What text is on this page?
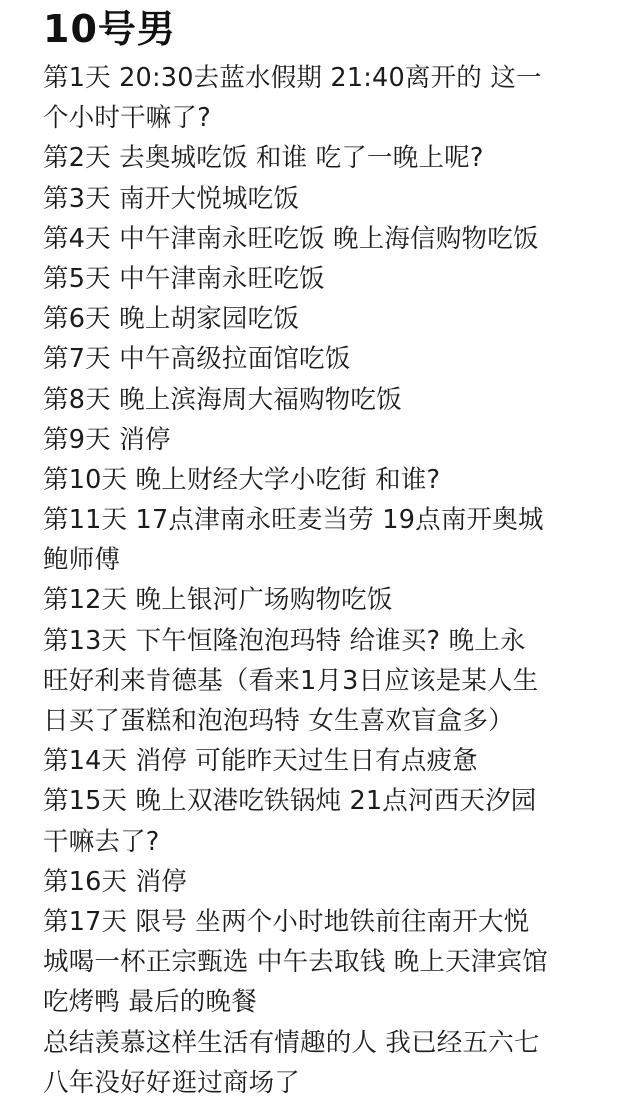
10号男
第1天 20:30去蓝水假期 21:40离开的 这一
个小时干嘛了?
第2天 去奥城吃饭 和谁 吃了一晚上呢?
第3天 南开大悦城吃饭
第4天 中午津南永旺吃饭 晚上海信购物吃饭
第5天 中午津南永旺吃饭
第6天 晚上胡家园吃饭
第7天 中午高级拉面馆吃饭
第8天 晚上滨海周大福购物吃饭
第9天 消停
第10天 晚上财经大学小吃街 和谁?
第11天 17点津南永旺麦当劳 19点南开奥城
鲍师傅
第12天 晚上银河广场购物吃饭
第13天 下午恒隆泡泡玛特 给谁买? 晚上永
旺好利来肯德基（看来1月3日应该是某人生
日买了蛋糕和泡泡玛特 女生喜欢盲盒多）
第14天 消停 可能昨天过生日有点疲惫
第15天 晚上双港吃铁锅炖 21点河西天汐园
干嘛去了?
第16天 消停
第17天 限号 坐两个小时地铁前往南开大悦
城喝一杯正宗甄选 中午去取钱 晚上天津宾馆
吃烤鸭 最后的晚餐
总结羡慕这样生活有情趣的人 我已经五六七
八年没好好逛过商场了
